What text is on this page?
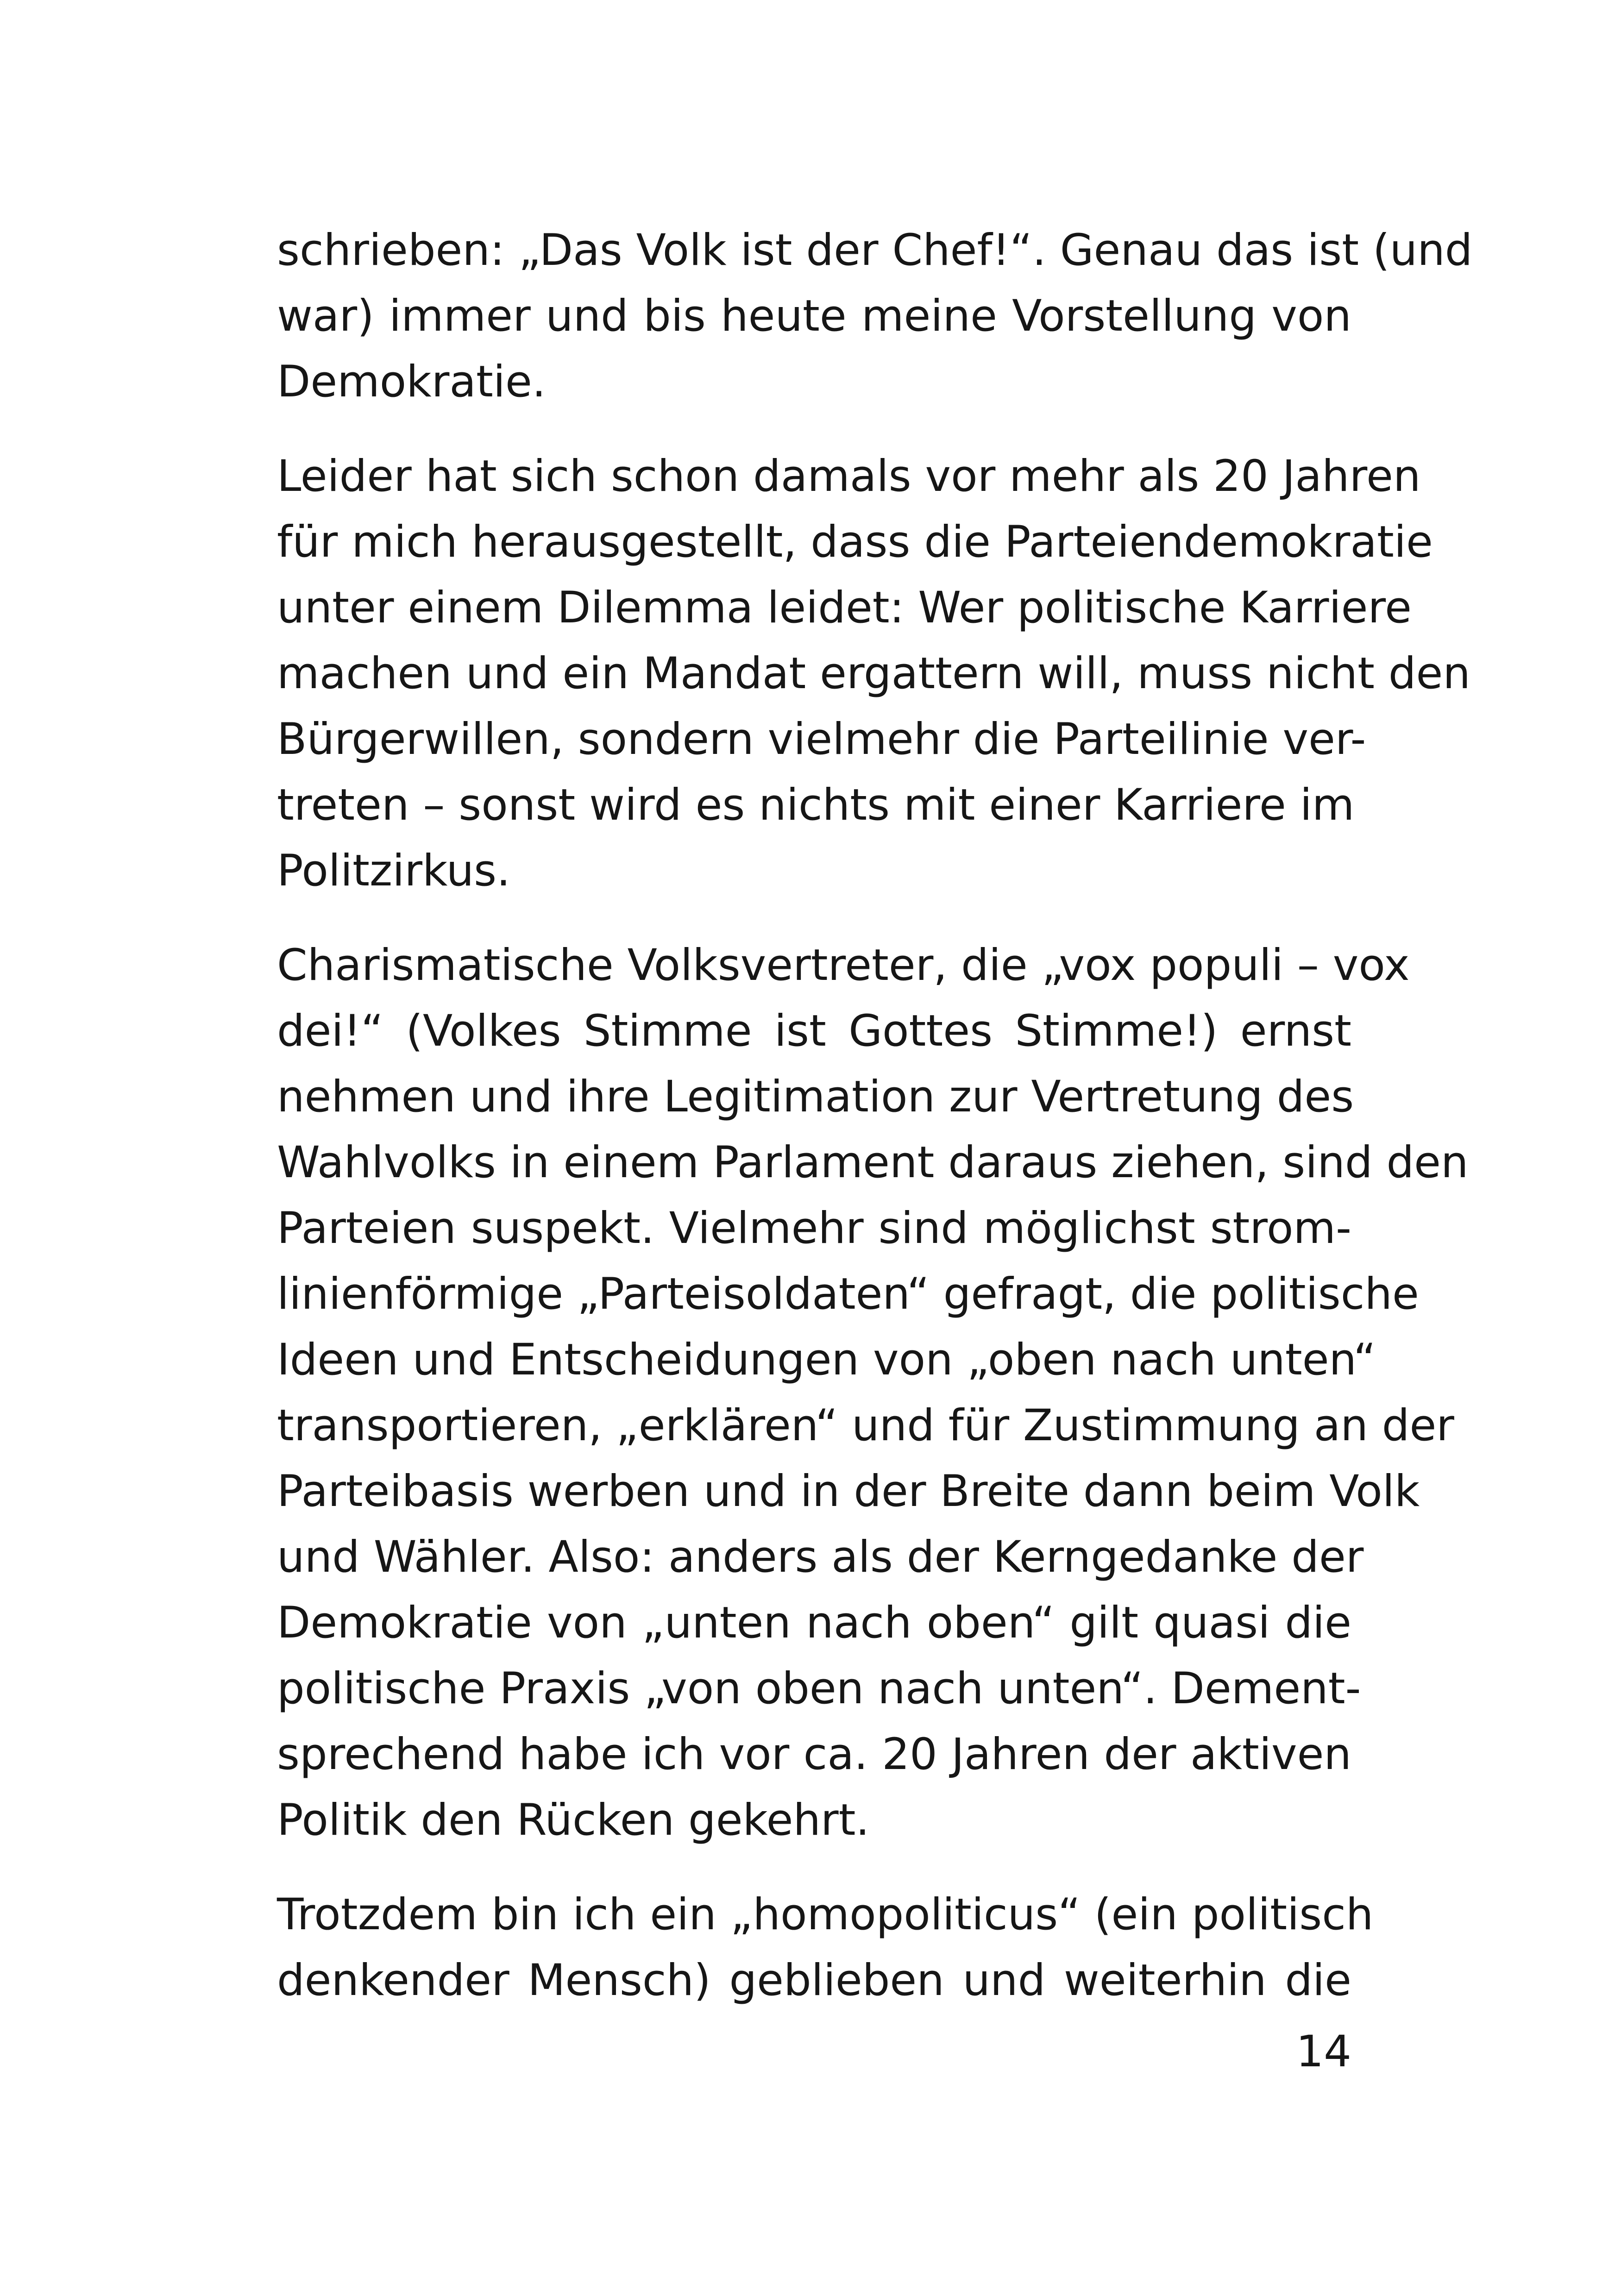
schrieben: „Das Volk ist der Chef!“. Genau das ist (und
war) immer und bis heute meine Vorstellung von
Demokratie.

Leider hat sich schon damals vor mehr als 20 Jahren
für mich herausgestellt, dass die Parteiendemokratie
unter einem Dilemma leidet: Wer politische Karriere
machen und ein Mandat ergattern will, muss nicht den
Bürgerwillen, sondern vielmehr die Parteilinie ver-
treten – sonst wird es nichts mit einer Karriere im
Politzirkus.

Charismatische Volksvertreter, die „vox populi – vox
dei!“ (Volkes Stimme ist Gottes Stimme!) ernst
nehmen und ihre Legitimation zur Vertretung des
Wahlvolks in einem Parlament daraus ziehen, sind den
Parteien suspekt. Vielmehr sind möglichst strom-
linienförmige „Parteisoldaten“ gefragt, die politische
Ideen und Entscheidungen von „oben nach unten“
transportieren, „erklären“ und für Zustimmung an der
Parteibasis werben und in der Breite dann beim Volk
und Wähler. Also: anders als der Kerngedanke der
Demokratie von „unten nach oben“ gilt quasi die
politische Praxis „von oben nach unten“. Dement-
sprechend habe ich vor ca. 20 Jahren der aktiven
Politik den Rücken gekehrt.

Trotzdem bin ich ein „homopoliticus“ (ein politisch
denkender Mensch) geblieben und weiterhin die

14
